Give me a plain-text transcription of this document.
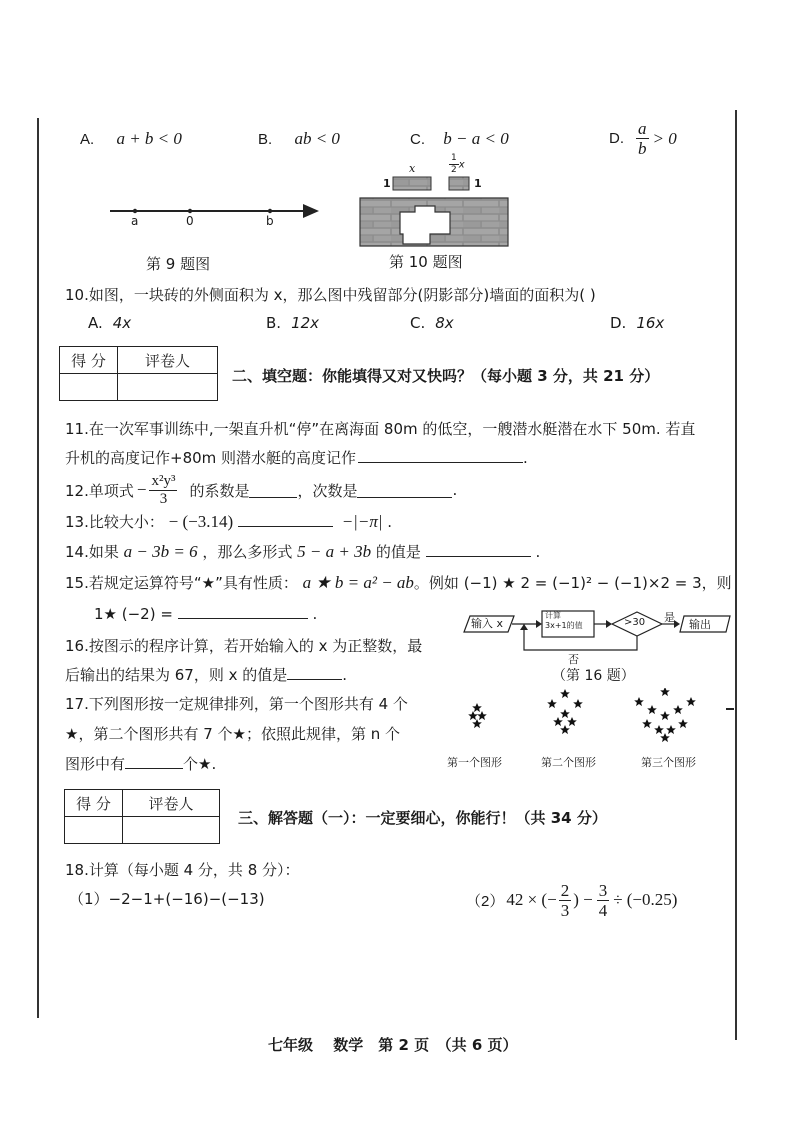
A. a + b < 0	B. ab < 0	C. b − a < 0	D. $\frac{a}{b} > 0$
a	0	b
x	$\frac{1}{2}$ x
1	1
第 9 题图	第 10 题图
10.如图，一块砖的外侧面积为 x，那么图中残留部分(阴影部分)墙面的面积为( )
A. 4x	B. 12x	C. 8x	D. 16x
得 分	评卷人

二、填空题：你能填得又对又快吗？（每小题 3 分，共 21 分）
11.在一次军事训练中,一架直升机“停”在离海面 80m 的低空，一艘潜水艇潜在水下 50m. 若直
升机的高度记作+80m 则潜水艇的高度记作	.
12.单项式 − $\frac{\text{x²y³}}{3}$ 的系数是	，次数是	.
13.比较大小： − (−3.14)	−|−π| .
14.如果 a − 3b = 6 ，那么多形式 5 − a + 3b 的值是	.
15.若规定运算符号“★”具有性质： a ★ b = a² − ab。例如 (−1) ★ 2 = (−1)² − (−1)×2 = 3，则
1★ (−2) =	.
输入 x
计算
3x+1的值	>30 是
输出
否
（第 16 题）
16.按图示的程序计算，若开始输入的 x 为正整数，最
后输出的结果为 67，则 x 的值是	.
17.下列图形按一定规律排列，第一个图形共有 4 个
★，第二个图形共有 7 个★；依照此规律，第 n 个
图形中有	个★.	第一个图形	第二个图形	第三个图形
得 分	评卷人

三、解答题（一）：一定要细心，你能行！（共 34 分）
18.计算（每小题 4 分，共 8 分）：
（1）−2−1+(−16)−(−13)	（2） 42 × (− $\frac{2}{3}$ ) − $\frac{3}{4} \div (-0.25)$
七年级　 数学　第 2 页　（共 6 页）
